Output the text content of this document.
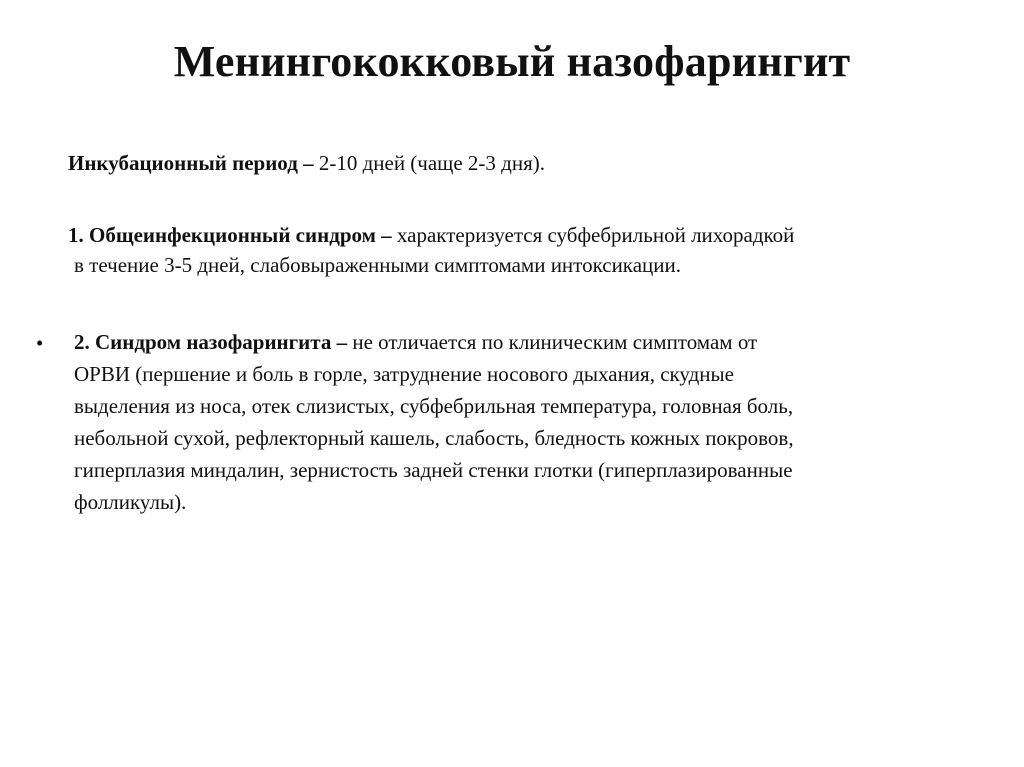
Менингококковый назофарингит
Инкубационный период – 2-10 дней (чаще 2-3 дня).
1. Общеинфекционный синдром – характеризуется субфебрильной лихорадкой
в течение 3-5 дней, слабовыраженными симптомами интоксикации.
• 2. Синдром назофарингита – не отличается по клиническим симптомам от
ОРВИ (першение и боль в горле, затруднение носового дыхания, скудные
выделения из носа, отек слизистых, субфебрильная температура, головная боль,
небольной сухой, рефлекторный кашель, слабость, бледность кожных покровов,
гиперплазия миндалин, зернистость задней стенки глотки (гиперплазированные
фолликулы).
